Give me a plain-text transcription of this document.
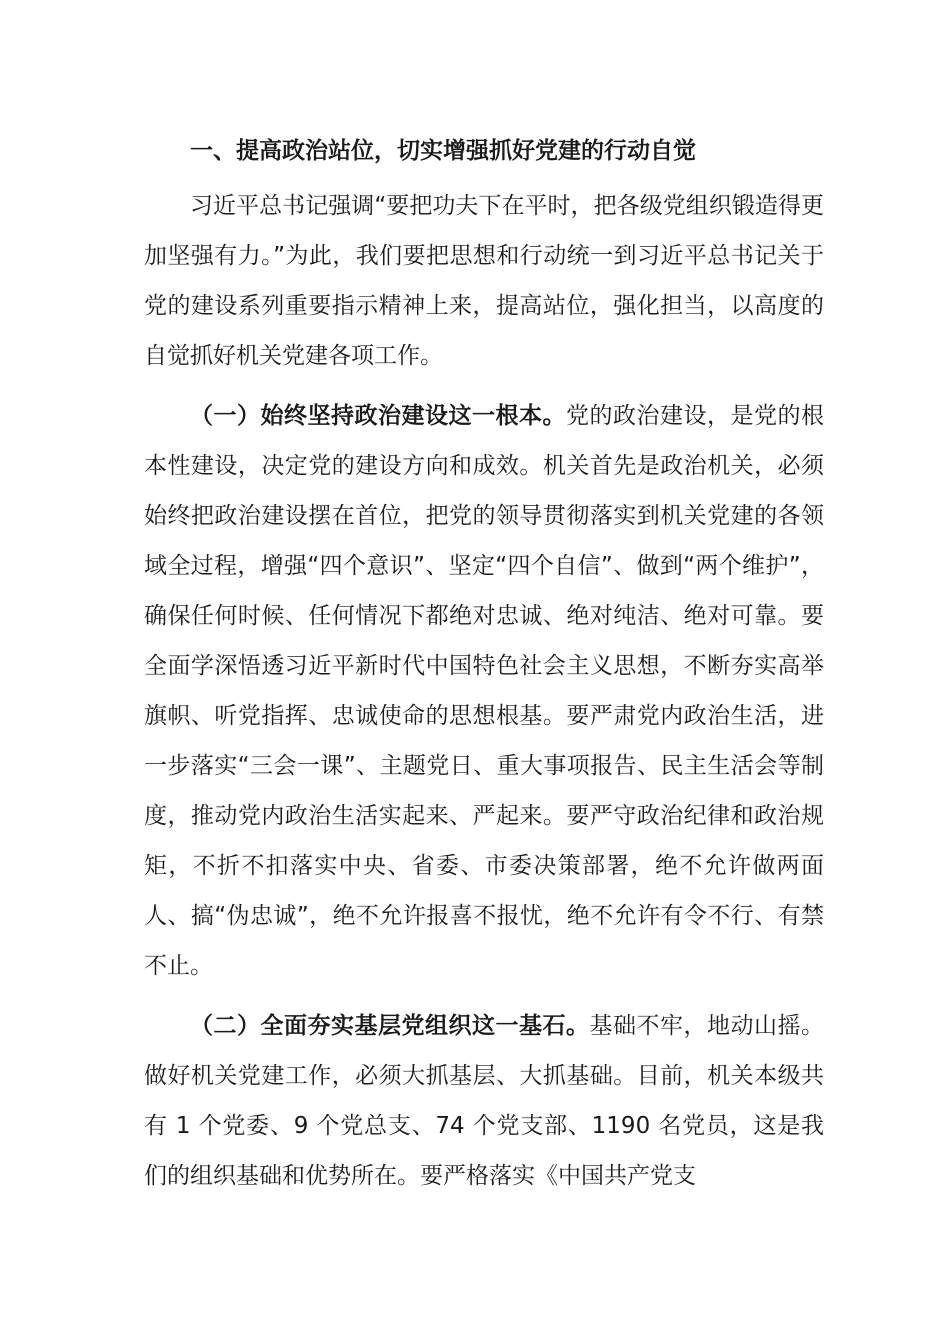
一、提高政治站位，切实增强抓好党建的行动自觉

习近平总书记强调“要把功夫下在平时，把各级党组织锻造得更加坚强有力。”为此，我们要把思想和行动统一到习近平总书记关于党的建设系列重要指示精神上来，提高站位，强化担当，以高度的自觉抓好机关党建各项工作。

（一）始终坚持政治建设这一根本。党的政治建设，是党的根本性建设，决定党的建设方向和成效。机关首先是政治机关，必须始终把政治建设摆在首位，把党的领导贯彻落实到机关党建的各领域全过程，增强“四个意识”、坚定“四个自信”、做到“两个维护”，确保任何时候、任何情况下都绝对忠诚、绝对纯洁、绝对可靠。要全面学深悟透习近平新时代中国特色社会主义思想，不断夯实高举旗帜、听党指挥、忠诚使命的思想根基。要严肃党内政治生活，进一步落实“三会一课”、主题党日、重大事项报告、民主生活会等制度，推动党内政治生活实起来、严起来。要严守政治纪律和政治规矩，不折不扣落实中央、省委、市委决策部署，绝不允许做两面人、搞“伪忠诚”，绝不允许报喜不报忧，绝不允许有令不行、有禁不止。

（二）全面夯实基层党组织这一基石。基础不牢，地动山摇。做好机关党建工作，必须大抓基层、大抓基础。目前，机关本级共有 1 个党委、9 个党总支、74 个党支部、1190 名党员，这是我们的组织基础和优势所在。要严格落实《中国共产党支
